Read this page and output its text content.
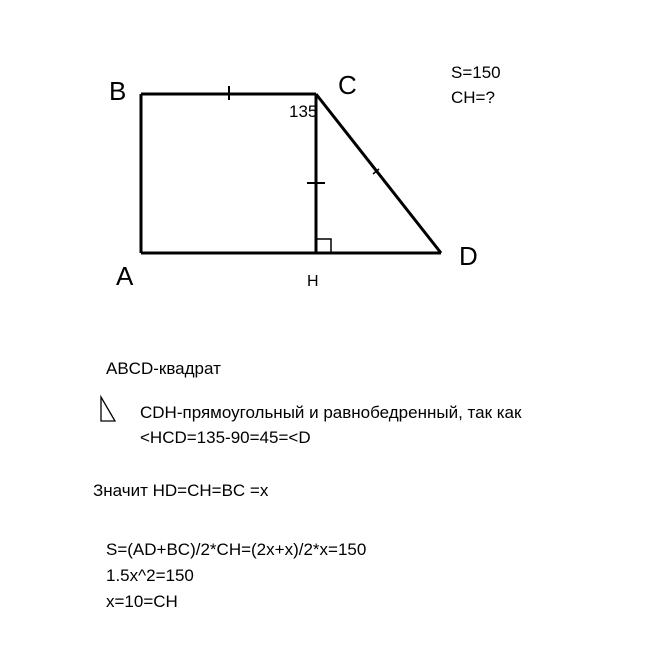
B	C
A
D
H
135
S=150
CH=?
ABCD-квадрат
CDH-прямоугольный и равнобедренный, так как
<HCD=135-90=45=<D
Значит HD=CH=BC =x
S=(AD+BC)/2*CH=(2x+x)/2*x=150
1.5x^2=150
x=10=CH
